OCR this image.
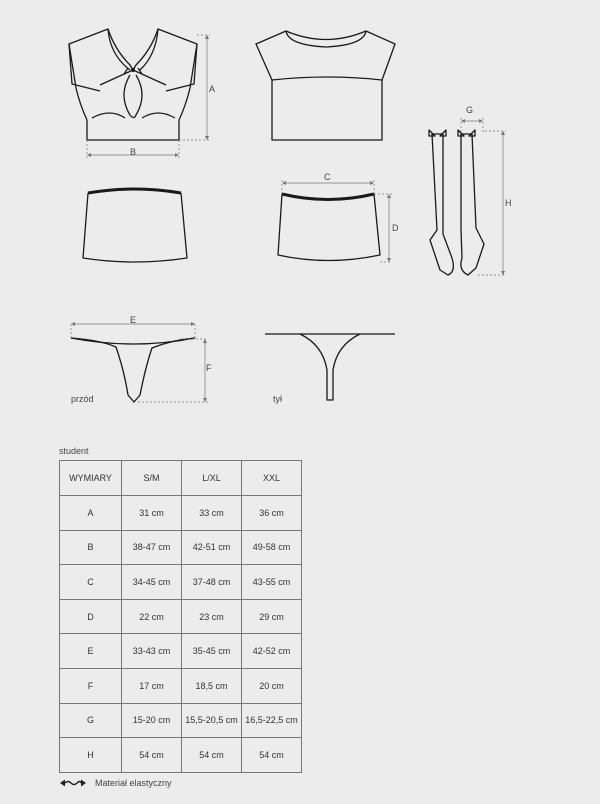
A
B
C
D
G
H
E
F
przód	tył
student
WYMIARY	S/M	L/XL	XXL
A	31 cm	33 cm	36 cm
B	38-47 cm	42-51 cm	49-58 cm
C	34-45 cm	37-48 cm	43-55 cm
D	22 cm	23 cm	29 cm
E	33-43 cm	35-45 cm	42-52 cm
F	17 cm	18,5 cm	20 cm
G	15-20 cm	15,5-20,5 cm	16,5-22,5 cm
H	54 cm	54 cm	54 cm
Materiał elastyczny
